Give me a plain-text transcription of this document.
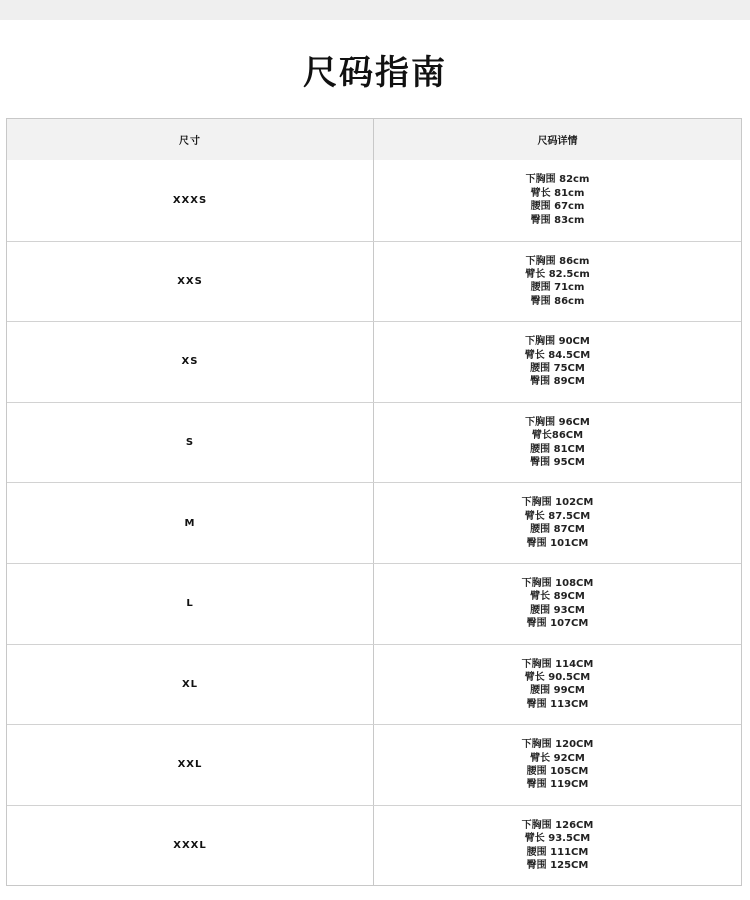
尺码指南
尺寸	尺码详情
XXXS
下胸围 82cm
臂长 81cm
腰围 67cm
臀围 83cm
XXS
下胸围 86cm
臂长 82.5cm
腰围 71cm
臀围 86cm
XS
下胸围 90CM
臂长 84.5CM
腰围 75CM
臀围 89CM
S
下胸围 96CM
臂长86CM
腰围 81CM
臀围 95CM
M
下胸围 102CM
臂长 87.5CM
腰围 87CM
臀围 101CM
L
下胸围 108CM
臂长 89CM
腰围 93CM
臀围 107CM
XL
下胸围 114CM
臂长 90.5CM
腰围 99CM
臀围 113CM
XXL
下胸围 120CM
臂长 92CM
腰围 105CM
臀围 119CM
XXXL
下胸围 126CM
臂长 93.5CM
腰围 111CM
臀围 125CM
